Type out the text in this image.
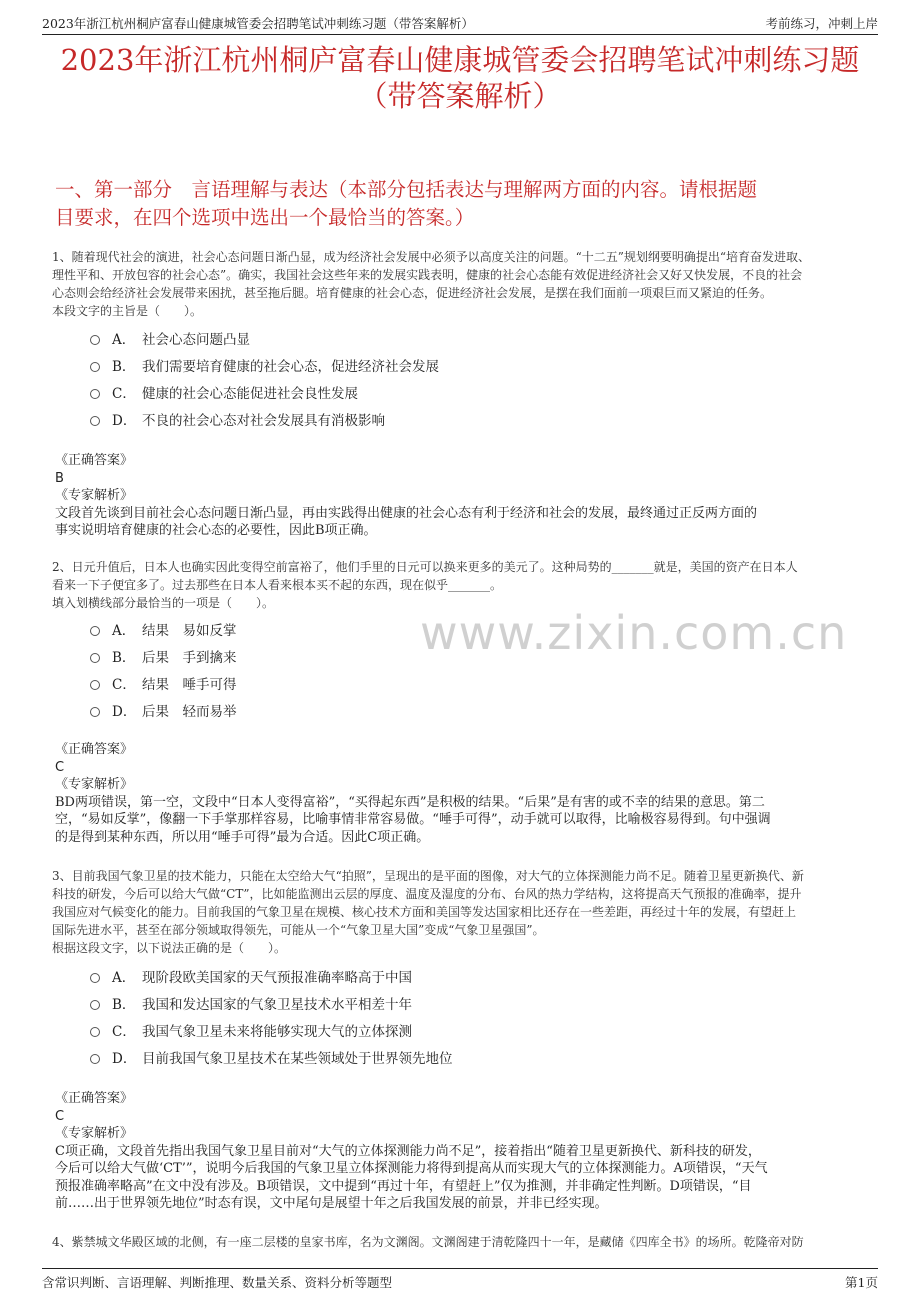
2023年浙江杭州桐庐富春山健康城管委会招聘笔试冲刺练习题（带答案解析）	考前练习，冲刺上岸
2023年浙江杭州桐庐富春山健康城管委会招聘笔试冲刺练习题
（带答案解析）
一、第一部分　言语理解与表达（本部分包括表达与理解两方面的内容。请根据题
目要求，在四个选项中选出一个最恰当的答案。）
www.zixin.com.cn
1、随着现代社会的演进，社会心态问题日渐凸显，成为经济社会发展中必须予以高度关注的问题。“十二五”规划纲要明确提出“培育奋发进取、
理性平和、开放包容的社会心态”。确实，我国社会这些年来的发展实践表明，健康的社会心态能有效促进经济社会又好又快发展，不良的社会
心态则会给经济社会发展带来困扰，甚至拖后腿。培育健康的社会心态，促进经济社会发展，是摆在我们面前一项艰巨而又紧迫的任务。
本段文字的主旨是（　　）。
A． 社会心态问题凸显
B． 我们需要培育健康的社会心态，促进经济社会发展
C． 健康的社会心态能促进社会良性发展
D． 不良的社会心态对社会发展具有消极影响
《正确答案》
B
《专家解析》
文段首先谈到目前社会心态问题日渐凸显，再由实践得出健康的社会心态有利于经济和社会的发展，最终通过正反两方面的
事实说明培育健康的社会心态的必要性，因此B项正确。
2、日元升值后，日本人也确实因此变得空前富裕了，他们手里的日元可以换来更多的美元了。这种局势的_______就是，美国的资产在日本人
看来一下子便宜多了。过去那些在日本人看来根本买不起的东西，现在似乎_______。
填入划横线部分最恰当的一项是（　　）。
A． 结果　易如反掌
B． 后果　手到擒来
C． 结果　唾手可得
D． 后果　轻而易举
《正确答案》
C
《专家解析》
BD两项错误，第一空，文段中“日本人变得富裕”，“买得起东西”是积极的结果。“后果”是有害的或不幸的结果的意思。第二
空，“易如反掌”，像翻一下手掌那样容易，比喻事情非常容易做。“唾手可得”，动手就可以取得，比喻极容易得到。句中强调
的是得到某种东西，所以用“唾手可得”最为合适。因此C项正确。
3、目前我国气象卫星的技术能力，只能在太空给大气“拍照”，呈现出的是平面的图像，对大气的立体探测能力尚不足。随着卫星更新换代、新
科技的研发，今后可以给大气做“CT”，比如能监测出云层的厚度、温度及湿度的分布、台风的热力学结构，这将提高天气预报的准确率，提升
我国应对气候变化的能力。目前我国的气象卫星在规模、核心技术方面和美国等发达国家相比还存在一些差距，再经过十年的发展，有望赶上
国际先进水平，甚至在部分领域取得领先，可能从一个“气象卫星大国”变成“气象卫星强国”。
根据这段文字，以下说法正确的是（　　）。
A． 现阶段欧美国家的天气预报准确率略高于中国
B． 我国和发达国家的气象卫星技术水平相差十年
C． 我国气象卫星未来将能够实现大气的立体探测
D． 目前我国气象卫星技术在某些领域处于世界领先地位
《正确答案》
C
《专家解析》
C项正确，文段首先指出我国气象卫星目前对“大气的立体探测能力尚不足”，接着指出“随着卫星更新换代、新科技的研发，
今后可以给大气做‘CT’”，说明今后我国的气象卫星立体探测能力将得到提高从而实现大气的立体探测能力。A项错误，“天气
预报准确率略高”在文中没有涉及。B项错误，文中提到“再过十年，有望赶上”仅为推测，并非确定性判断。D项错误，“目
前……出于世界领先地位”时态有误，文中尾句是展望十年之后我国发展的前景，并非已经实现。
4、紫禁城文华殿区域的北侧，有一座二层楼的皇家书库，名为文渊阁。文渊阁建于清乾隆四十一年，是藏储《四库全书》的场所。乾隆帝对防
含常识判断、言语理解、判断推理、数量关系、资料分析等题型	第1页
